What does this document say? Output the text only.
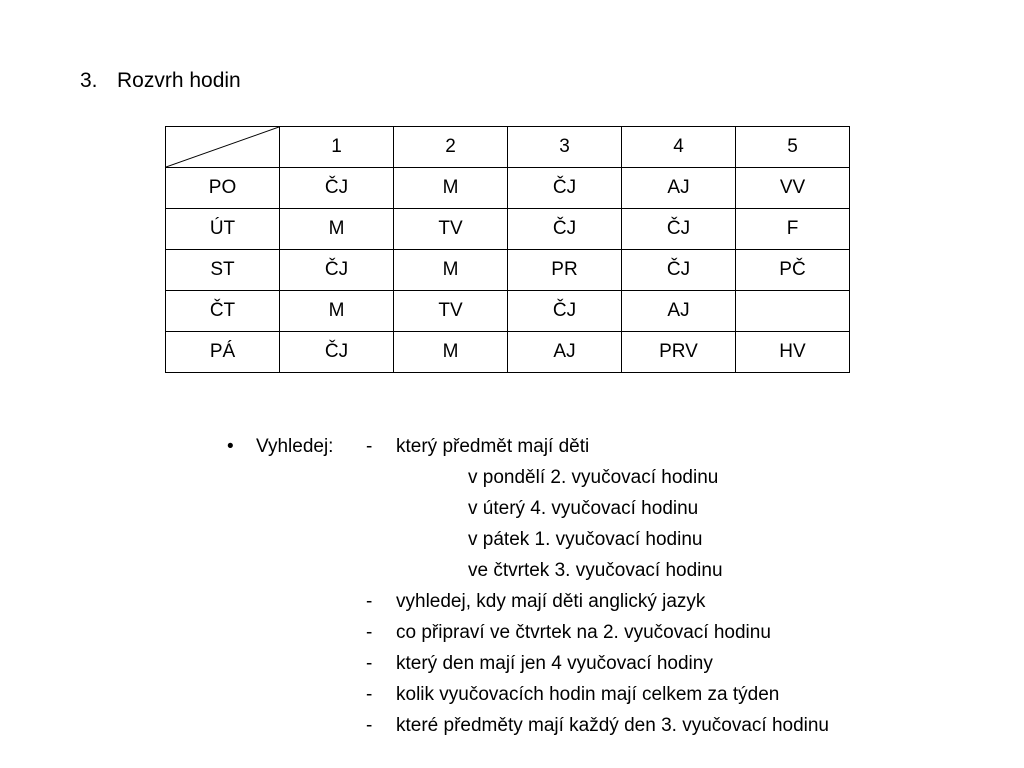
3. Rozvrh hodin
	1	2	3	4	5
PO	ČJ	M	ČJ	AJ	VV
ÚT	M	TV	ČJ	ČJ	F
ST	ČJ	M	PR	ČJ	PČ
ČT	M	TV	ČJ	AJ	
PÁ	ČJ	M	AJ	PRV	HV
• Vyhledej: - který předmět mají děti
v pondělí 2. vyučovací hodinu
v úterý 4. vyučovací hodinu
v pátek 1. vyučovací hodinu
ve čtvrtek 3. vyučovací hodinu
- vyhledej, kdy mají děti anglický jazyk
- co připraví ve čtvrtek na 2. vyučovací hodinu
- který den mají jen 4 vyučovací hodiny
- kolik vyučovacích hodin mají celkem za týden
- které předměty mají každý den 3. vyučovací hodinu
